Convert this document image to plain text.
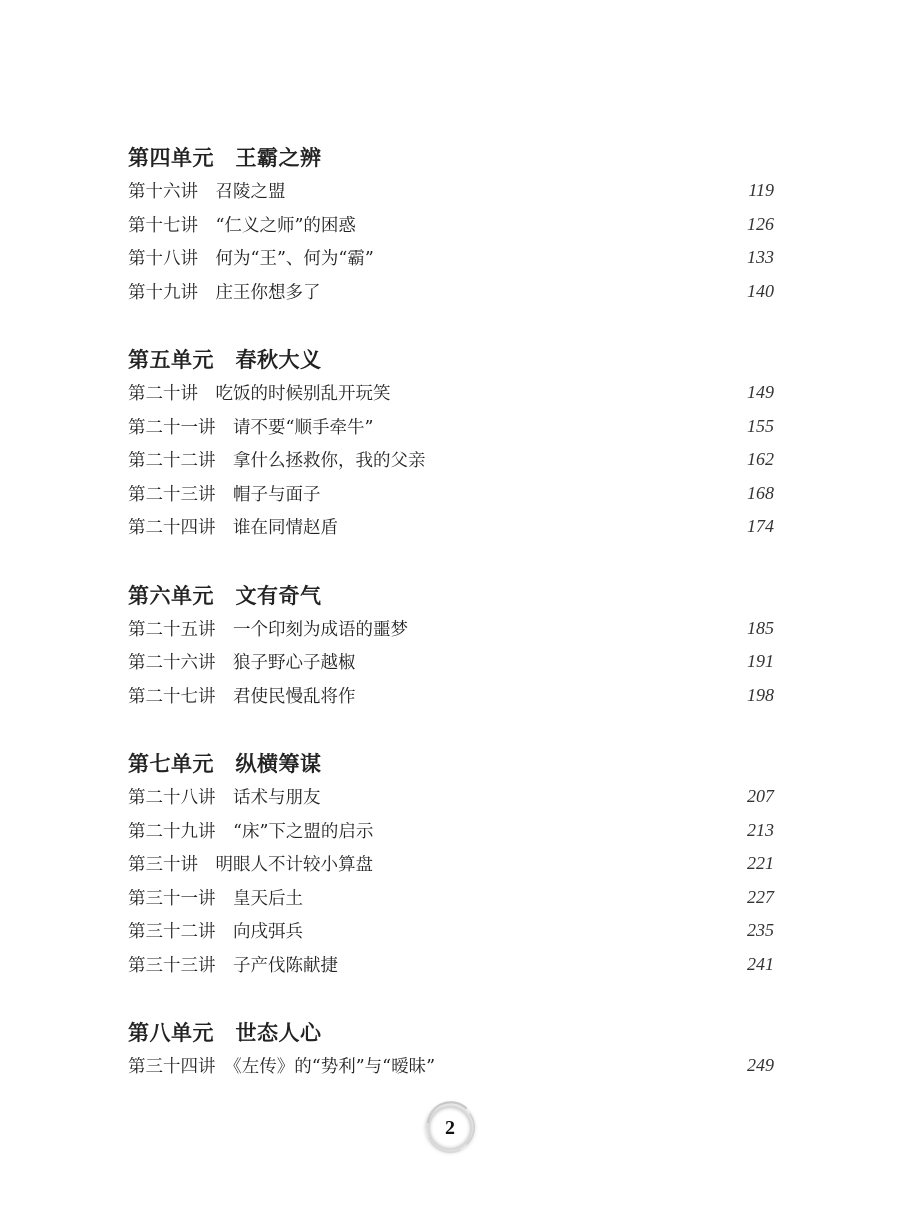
第四单元　王霸之辨
第十六讲　召陵之盟	119
第十七讲　“仁义之师”的困惑	126
第十八讲　何为“王”、何为“霸”	133
第十九讲　庄王你想多了	140
第五单元　春秋大义
第二十讲　吃饭的时候别乱开玩笑	149
第二十一讲　请不要“顺手牵牛”	155
第二十二讲　拿什么拯救你，我的父亲	162
第二十三讲　帽子与面子	168
第二十四讲　谁在同情赵盾	174
第六单元　文有奇气
第二十五讲　一个印刻为成语的噩梦	185
第二十六讲　狼子野心子越椒	191
第二十七讲　君使民慢乱将作	198
第七单元　纵横筹谋
第二十八讲　话术与朋友	207
第二十九讲　“床”下之盟的启示	213
第三十讲　明眼人不计较小算盘	221
第三十一讲　皇天后土	227
第三十二讲　向戌弭兵	235
第三十三讲　子产伐陈献捷	241
第八单元　世态人心
第三十四讲　《左传》的“势利”与“暧昧”	249
2
